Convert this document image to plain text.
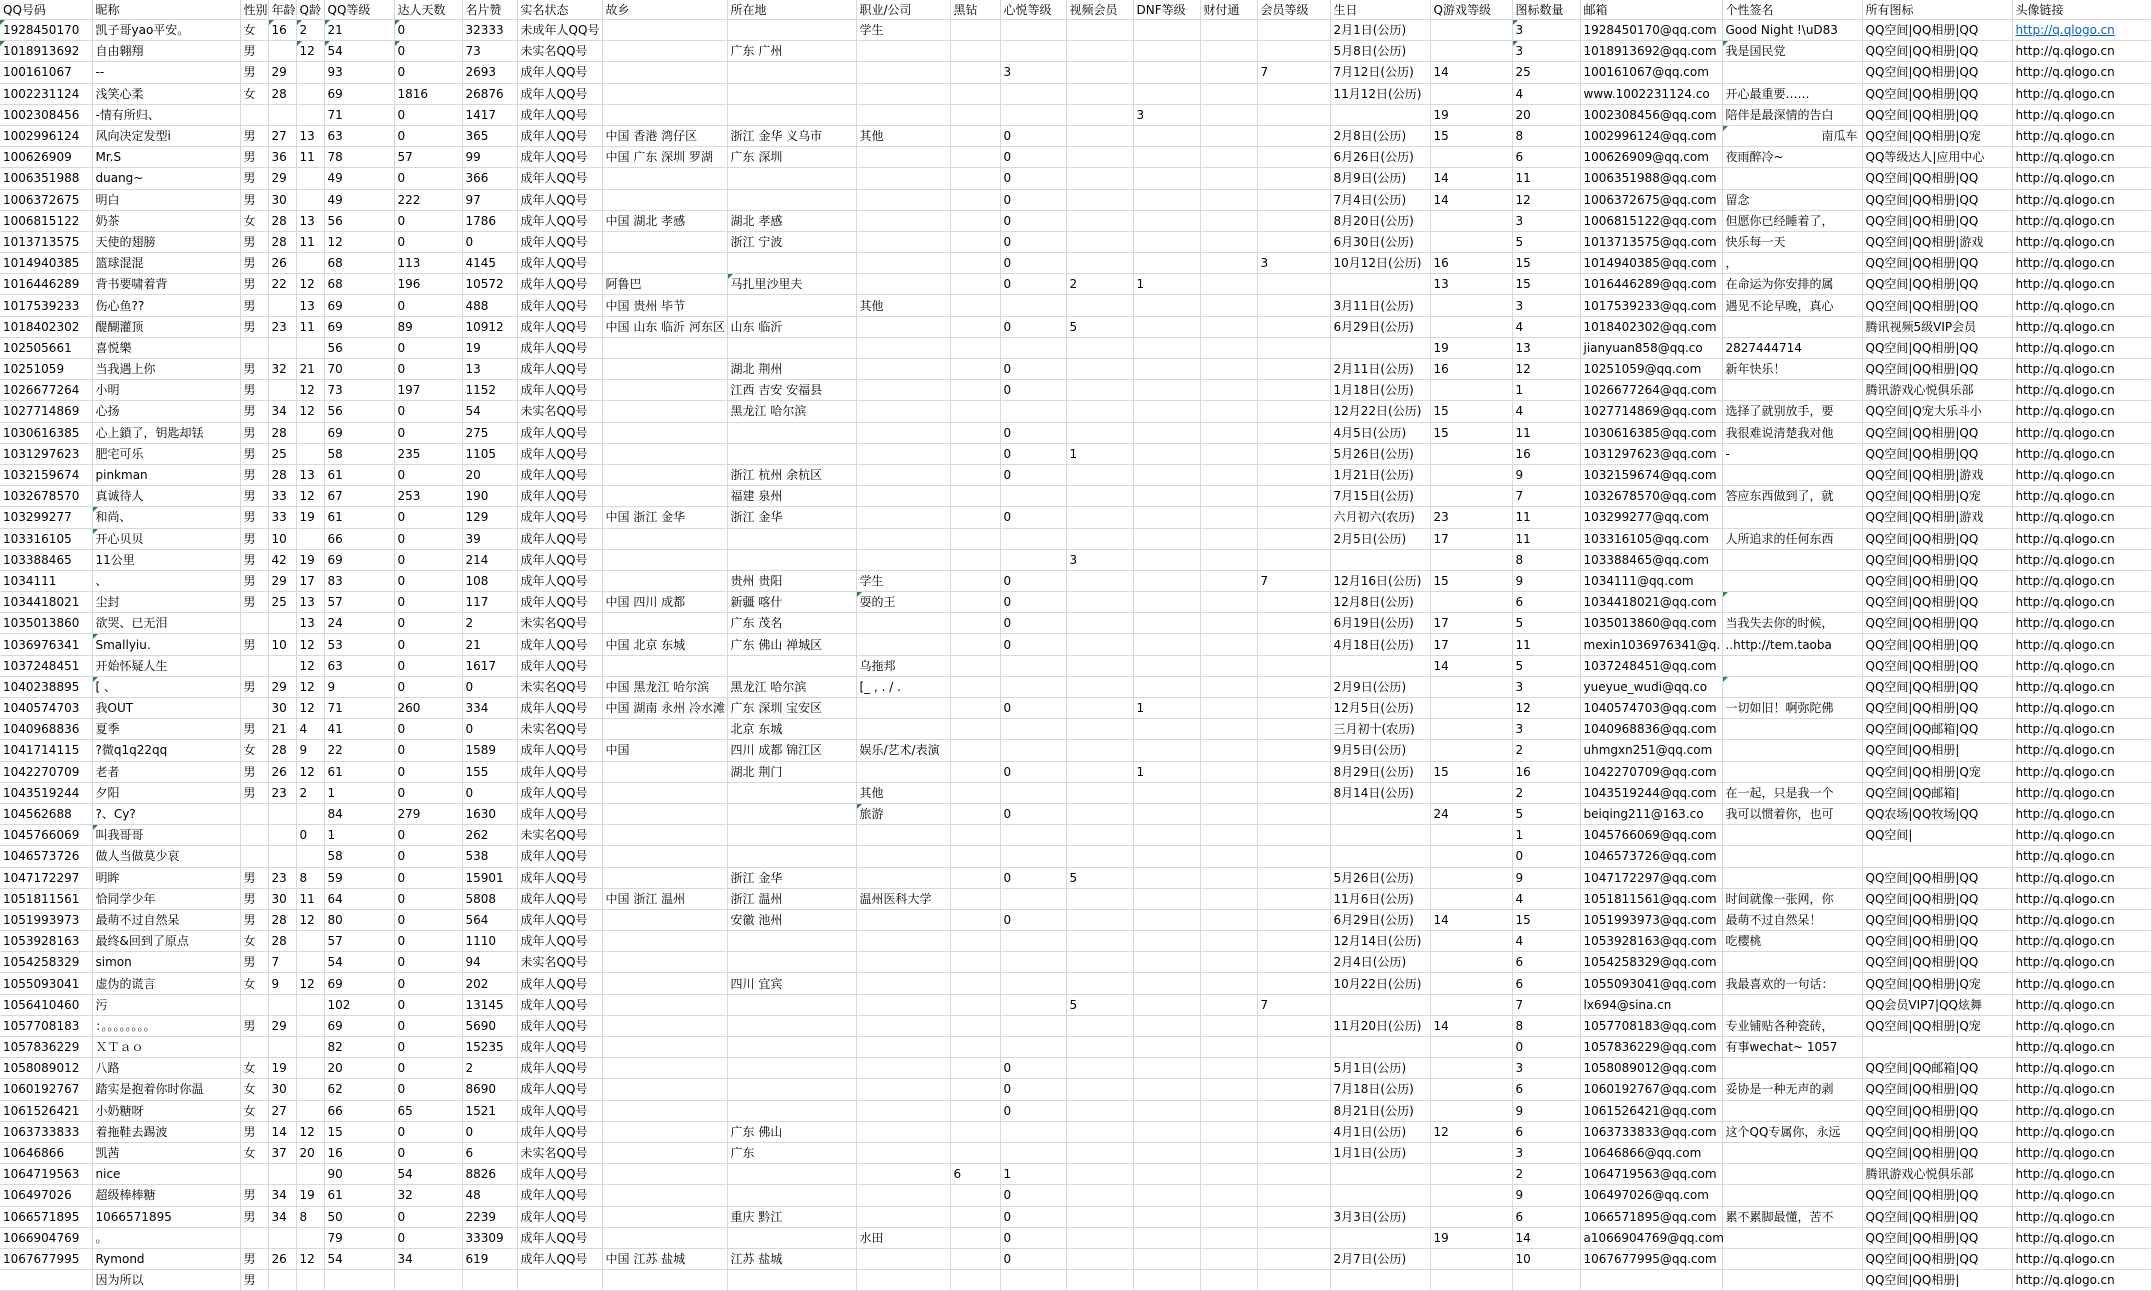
QQ号码	昵称	性别	年龄	Q龄	QQ等级	达人天数	名片赞	实名状态	故乡	所在地	职业/公司	黑钻	心悦等级	视频会员	DNF等级	财付通	会员等级	生日	Q游戏等级	图标数量	邮箱	个性签名	所有图标	头像链接
1928450170	凯子哥yao平安。	女	16	2	21	0	32333	未成年人QQ号			学生							2月1日(公历)		3	1928450170@qq.com	Good Night !\uD83	QQ空间|QQ相册|QQ	http://q.qlogo.cn
1018913692	自由翱翔	男		12	54	0	73	未实名QQ号		广东 广州								5月8日(公历)		3	1018913692@qq.com	我是国民党	QQ空间|QQ相册|QQ	http://q.qlogo.cn
100161067	--	男	29		93	0	2693	成年人QQ号					3				7	7月12日(公历)	14	25	100161067@qq.com		QQ空间|QQ相册|QQ	http://q.qlogo.cn
1002231124	浅笑心柔	女	28		69	1816	26876	成年人QQ号										11月12日(公历)		4	www.1002231124.co	开心最重要……	QQ空间|QQ相册|QQ	http://q.qlogo.cn
1002308456	-情有所归、				71	0	1417	成年人QQ号							3				19	20	1002308456@qq.com	陪伴是最深情的告白	QQ空间|QQ相册|QQ	http://q.qlogo.cn
1002996124	风向决定发型i	男	27	13	63	0	365	成年人QQ号	中国 香港 湾仔区	浙江 金华 义乌市	其他		0					2月8日(公历)	15	8	1002996124@qq.com	南瓜车	QQ空间|QQ相册|Q宠	http://q.qlogo.cn
100626909	Mr.S	男	36	11	78	57	99	成年人QQ号	中国 广东 深圳 罗湖	广东 深圳			0					6月26日(公历)		6	100626909@qq.com	夜雨醉冷~	QQ等级达人|应用中心	http://q.qlogo.cn
1006351988	duang~	男	29		49	0	366	成年人QQ号					0					8月9日(公历)	14	11	1006351988@qq.com		QQ空间|QQ相册|QQ	http://q.qlogo.cn
1006372675	明白	男	30		49	222	97	成年人QQ号					0					7月4日(公历)	14	12	1006372675@qq.com	留念	QQ空间|QQ相册|QQ	http://q.qlogo.cn
1006815122	奶茶	女	28	13	56	0	1786	成年人QQ号	中国 湖北 孝感	湖北 孝感			0					8月20日(公历)		3	1006815122@qq.com	但愿你已经睡着了，	QQ空间|QQ相册|QQ	http://q.qlogo.cn
1013713575	天使的翅膀	男	28	11	12	0	0	成年人QQ号		浙江 宁波			0					6月30日(公历)		5	1013713575@qq.com	快乐每一天	QQ空间|QQ相册|游戏	http://q.qlogo.cn
1014940385	篮球混混	男	26		68	113	4145	成年人QQ号					0				3	10月12日(公历)	16	15	1014940385@qq.com	，	QQ空间|QQ相册|QQ	http://q.qlogo.cn
1016446289	背书要啸着背	男	22	12	68	196	10572	成年人QQ号	阿鲁巴	马扎里沙里夫			0	2	1				13	15	1016446289@qq.com	在命运为你安排的属	QQ空间|QQ相册|QQ	http://q.qlogo.cn
1017539233	伤心鱼??	男		13	69	0	488	成年人QQ号	中国 贵州 毕节		其他							3月11日(公历)		3	1017539233@qq.com	遇见不论早晚，真心	QQ空间|QQ相册|QQ	http://q.qlogo.cn
1018402302	醍醐灌顶	男	23	11	69	89	10912	成年人QQ号	中国 山东 临沂 河东区	山东 临沂			0	5				6月29日(公历)		4	1018402302@qq.com		腾讯视频5级VIP会员	http://q.qlogo.cn
102505661	喜悦樂				56	0	19	成年人QQ号											19	13	jianyuan858@qq.co	2827444714	QQ空间|QQ相册|QQ	http://q.qlogo.cn
10251059	当我遇上你	男	32	21	70	0	13	成年人QQ号		湖北 荆州			0					2月11日(公历)	16	12	10251059@qq.com	新年快乐！	QQ空间|QQ相册|QQ	http://q.qlogo.cn
1026677264	小明	男		12	73	197	1152	成年人QQ号		江西 吉安 安福县			0					1月18日(公历)		1	1026677264@qq.com		腾讯游戏心悦俱乐部	http://q.qlogo.cn
1027714869	心扬	男	34	12	56	0	54	未实名QQ号		黑龙江 哈尔滨								12月22日(公历)	15	4	1027714869@qq.com	选择了就别放手，要	QQ空间|Q宠大乐斗小	http://q.qlogo.cn
1030616385	心上鎖了，钥匙却铥	男	28		69	0	275	成年人QQ号					0					4月5日(公历)	15	11	1030616385@qq.com	我很难说清楚我对他	QQ空间|QQ相册|QQ	http://q.qlogo.cn
1031297623	肥宅可乐	男	25		58	235	1105	成年人QQ号					0	1				5月26日(公历)		16	1031297623@qq.com	-	QQ空间|QQ相册|QQ	http://q.qlogo.cn
1032159674	pinkman	男	28	13	61	0	20	成年人QQ号		浙江 杭州 余杭区			0					1月21日(公历)		9	1032159674@qq.com		QQ空间|QQ相册|游戏	http://q.qlogo.cn
1032678570	真诚待人	男	33	12	67	253	190	成年人QQ号		福建 泉州								7月15日(公历)		7	1032678570@qq.com	答应东西做到了，就	QQ空间|QQ相册|Q宠	http://q.qlogo.cn
103299277	和尚、	男	33	19	61	0	129	成年人QQ号	中国 浙江 金华	浙江 金华			0					六月初六(农历)	23	11	103299277@qq.com		QQ空间|QQ相册|游戏	http://q.qlogo.cn
103316105	开心贝贝	男	10		66	0	39	成年人QQ号										2月5日(公历)	17	11	103316105@qq.com	人所追求的任何东西	QQ空间|QQ相册|QQ	http://q.qlogo.cn
103388465	11公里	男	42	19	69	0	214	成年人QQ号						3						8	103388465@qq.com		QQ空间|QQ相册|QQ	http://q.qlogo.cn
1034111	、	男	29	17	83	0	108	成年人QQ号		贵州 贵阳	学生		0				7	12月16日(公历)	15	9	1034111@qq.com		QQ空间|QQ相册|QQ	http://q.qlogo.cn
1034418021	尘封	男	25	13	57	0	117	成年人QQ号	中国 四川 成都	新疆 喀什	耍的王		0					12月8日(公历)		6	1034418021@qq.com		QQ空间|QQ相册|QQ	http://q.qlogo.cn
1035013860	欲哭、已无泪			13	24	0	2	未实名QQ号		广东 茂名			0					6月19日(公历)	17	5	1035013860@qq.com	当我失去你的时候，	QQ空间|QQ相册|QQ	http://q.qlogo.cn
1036976341	Smallyiu.	男	10	12	53	0	21	成年人QQ号	中国 北京 东城	广东 佛山 禅城区			0					4月18日(公历)	17	11	mexin1036976341@q.	..http://tem.taoba	QQ空间|QQ相册|QQ	http://q.qlogo.cn
1037248451	开始怀疑人生			12	63	0	1617	成年人QQ号			乌拖邦								14	5	1037248451@qq.com		QQ空间|QQ相册|QQ	http://q.qlogo.cn
1040238895	[ 、	男	29	12	9	0	0	未实名QQ号	中国 黑龙江 哈尔滨	黑龙江 哈尔滨	[_ , . / .							2月9日(公历)		3	yueyue_wudi@qq.co		QQ空间|QQ相册|QQ	http://q.qlogo.cn
1040574703	我OUT		30	12	71	260	334	成年人QQ号	中国 湖南 永州 冷水滩	广东 深圳 宝安区			0		1			12月5日(公历)		12	1040574703@qq.com	一切如旧！啊弥陀佛	QQ空间|QQ相册|QQ	http://q.qlogo.cn
1040968836	夏季	男	21	4	41	0	0	未实名QQ号		北京 东城								三月初十(农历)		3	1040968836@qq.com		QQ空间|QQ邮箱|QQ	http://q.qlogo.cn
1041714115	?微q1q22qq	女	28	9	22	0	1589	成年人QQ号	中国	四川 成都 锦江区	娱乐/艺术/表演							9月5日(公历)		2	uhmgxn251@qq.com		QQ空间|QQ相册|	http://q.qlogo.cn
1042270709	老者	男	26	12	61	0	155	成年人QQ号		湖北 荆门			0		1			8月29日(公历)	15	16	1042270709@qq.com		QQ空间|QQ相册|Q宠	http://q.qlogo.cn
1043519244	夕阳	男	23	2	1	0	0	成年人QQ号			其他							8月14日(公历)		2	1043519244@qq.com	在一起，只是我一个	QQ空间|QQ邮箱|	http://q.qlogo.cn
104562688	?、Cy?				84	279	1630	成年人QQ号			旅游		0						24	5	beiqing211@163.co	我可以惯着你，也可	QQ农场|QQ牧场|QQ	http://q.qlogo.cn
1045766069	叫我哥哥			0	1	0	262	未实名QQ号												1	1045766069@qq.com		QQ空间|	http://q.qlogo.cn
1046573726	做人当做莫少哀				58	0	538	成年人QQ号												0	1046573726@qq.com			http://q.qlogo.cn
1047172297	明眸	男	23	8	59	0	15901	成年人QQ号		浙江 金华			0	5				5月26日(公历)		9	1047172297@qq.com		QQ空间|QQ相册|QQ	http://q.qlogo.cn
1051811561	恰同学少年	男	30	11	64	0	5808	成年人QQ号	中国 浙江 温州	浙江 温州	温州医科大学							11月6日(公历)		4	1051811561@qq.com	时间就像一张网，你	QQ空间|QQ相册|QQ	http://q.qlogo.cn
1051993973	最萌不过自然呆	男	28	12	80	0	564	成年人QQ号		安徽 池州			0					6月29日(公历)	14	15	1051993973@qq.com	最萌不过自然呆！	QQ空间|QQ相册|QQ	http://q.qlogo.cn
1053928163	最终&回到了原点	女	28		57	0	1110	成年人QQ号										12月14日(公历)		4	1053928163@qq.com	吃樱桃	QQ空间|QQ相册|QQ	http://q.qlogo.cn
1054258329	simon	男	7		54	0	94	未实名QQ号										2月4日(公历)		6	1054258329@qq.com		QQ空间|QQ相册|QQ	http://q.qlogo.cn
1055093041	虚伪的谎言	女	9	12	69	0	202	成年人QQ号		四川 宜宾								10月22日(公历)		6	1055093041@qq.com	我最喜欢的一句话：	QQ空间|QQ相册|Q宠	http://q.qlogo.cn
1056410460	污				102	0	13145	成年人QQ号						5			7			7	lx694@sina.cn		QQ会员VIP7|QQ炫舞	http://q.qlogo.cn
1057708183	：。。。。。。。。	男	29		69	0	5690	成年人QQ号										11月20日(公历)	14	8	1057708183@qq.com	专业铺贴各种瓷砖，	QQ空间|QQ相册|Q宠	http://q.qlogo.cn
1057836229	ＸＴａｏ				82	0	15235	成年人QQ号												0	1057836229@qq.com	有事wechat~ 1057		http://q.qlogo.cn
1058089012	八路	女	19		20	0	2	成年人QQ号					0					5月1日(公历)		3	1058089012@qq.com		QQ空间|QQ邮箱|QQ	http://q.qlogo.cn
1060192767	踏实是抱着你时你温	女	30		62	0	8690	成年人QQ号					0					7月18日(公历)		6	1060192767@qq.com	妥协是一种无声的剥	QQ空间|QQ相册|QQ	http://q.qlogo.cn
1061526421	小奶糖呀	女	27		66	65	1521	成年人QQ号					0					8月21日(公历)		9	1061526421@qq.com		QQ空间|QQ相册|QQ	http://q.qlogo.cn
1063733833	着拖鞋去踢波	男	14	12	15	0	0	成年人QQ号		广东 佛山								4月1日(公历)	12	6	1063733833@qq.com	这个QQ专属你，永远	QQ空间|QQ相册|QQ	http://q.qlogo.cn
10646866	凯茜	女	37	20	16	0	6	未实名QQ号		广东								1月1日(公历)		3	10646866@qq.com		QQ空间|QQ相册|QQ	http://q.qlogo.cn
1064719563	nice				90	54	8826	成年人QQ号				6	1							2	1064719563@qq.com		腾讯游戏心悦俱乐部	http://q.qlogo.cn
106497026	超级棒棒糖	男	34	19	61	32	48	成年人QQ号					0							9	106497026@qq.com		QQ空间|QQ相册|QQ	http://q.qlogo.cn
1066571895	1066571895	男	34	8	50	0	2239	成年人QQ号		重庆 黔江			0					3月3日(公历)		6	1066571895@qq.com	累不累脚最懂，苦不	QQ空间|QQ相册|QQ	http://q.qlogo.cn
1066904769	。				79	0	33309	成年人QQ号			水田		0						19	14	a1066904769@qq.com		QQ空间|QQ相册|QQ	http://q.qlogo.cn
1067677995	Rymond	男	26	12	54	34	619	成年人QQ号	中国 江苏 盐城	江苏 盐城			0					2月7日(公历)		10	1067677995@qq.com		QQ空间|QQ相册|QQ	http://q.qlogo.cn
	因为所以	男																					QQ空间|QQ相册|	http://q.qlogo.cn
